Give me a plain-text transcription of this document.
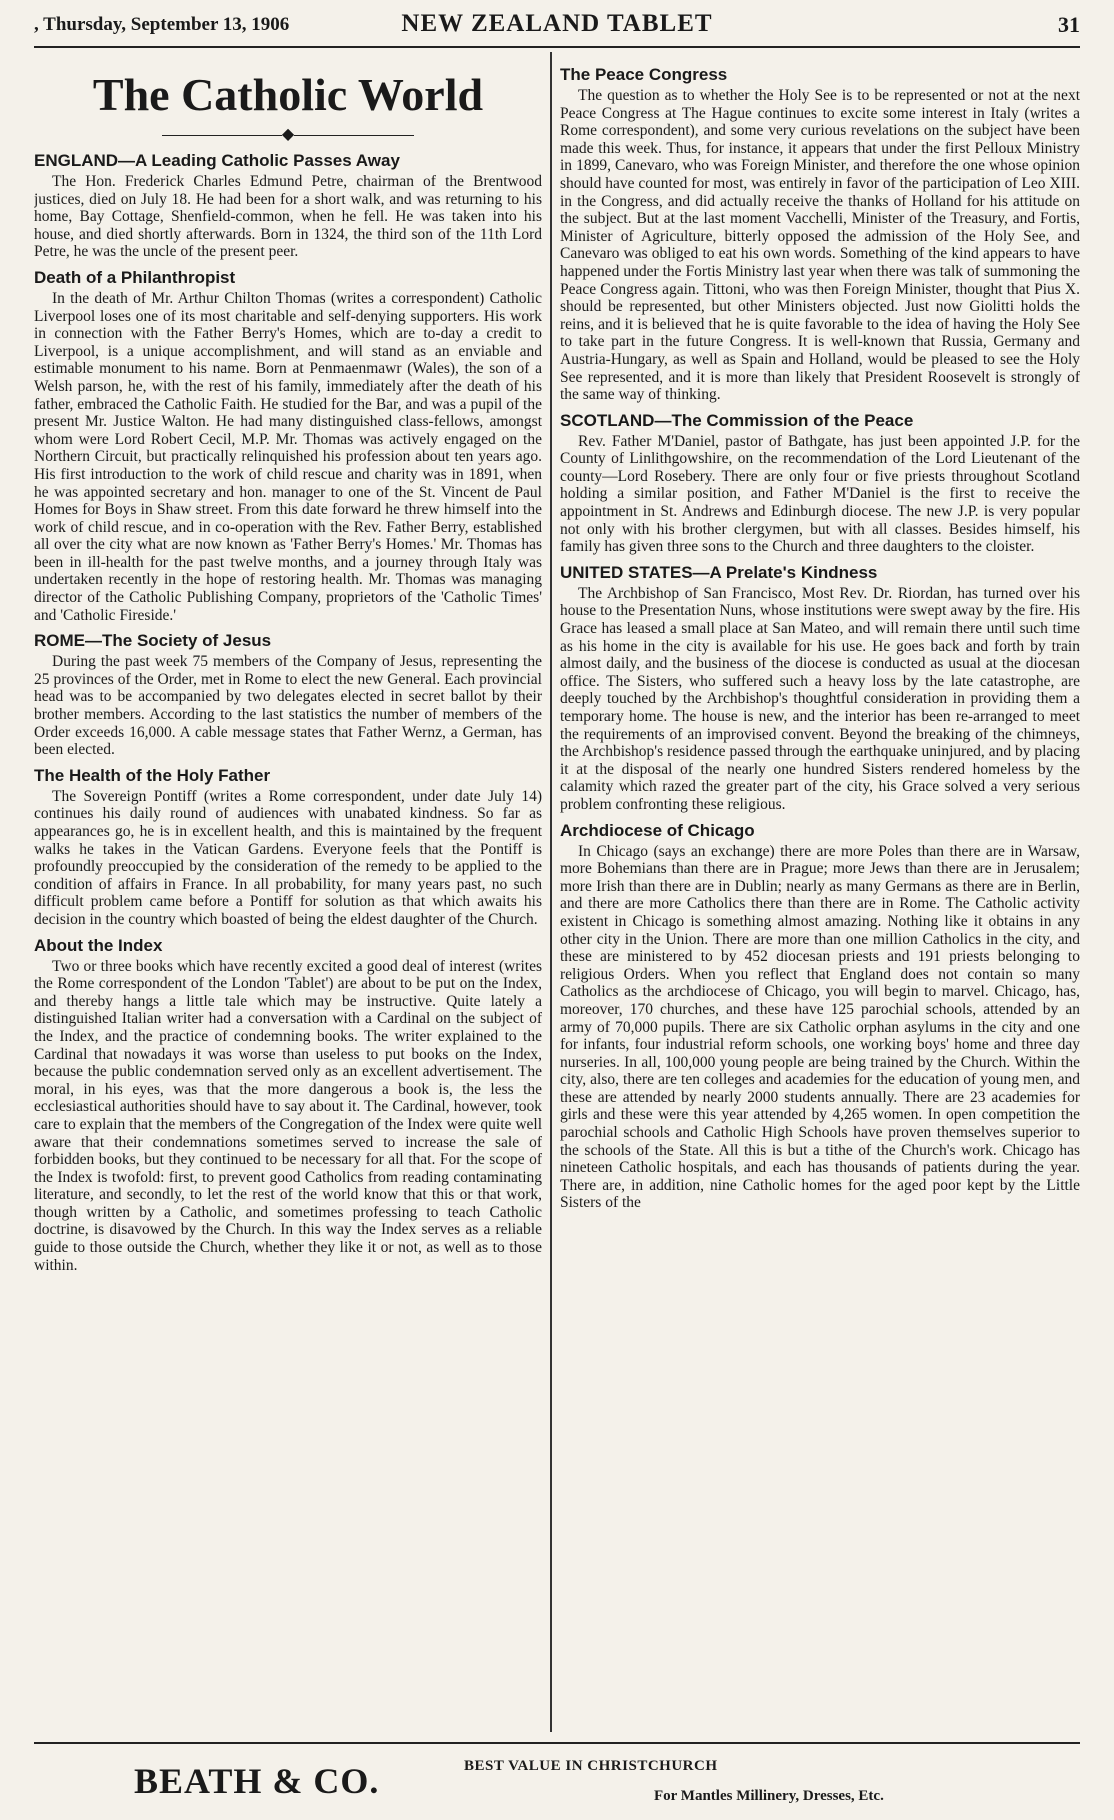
, Thursday, September 13, 1906	NEW ZEALAND TABLET	31
The Catholic World
◆
ENGLAND—A Leading Catholic Passes Away

The Hon. Frederick Charles Edmund Petre, chairman of the Brentwood justices, died on July 18. He had been for a short walk, and was returning to his home, Bay Cottage, Shenfield-common, when he fell. He was taken into his house, and died shortly afterwards. Born in 1324, the third son of the 11th Lord Petre, he was the uncle of the present peer.

Death of a Philanthropist

In the death of Mr. Arthur Chilton Thomas (writes a correspondent) Catholic Liverpool loses one of its most charitable and self-denying supporters. His work in connection with the Father Berry's Homes, which are to-day a credit to Liverpool, is a unique accomplishment, and will stand as an enviable and estimable monument to his name. Born at Penmaenmawr (Wales), the son of a Welsh parson, he, with the rest of his family, immediately after the death of his father, embraced the Catholic Faith. He studied for the Bar, and was a pupil of the present Mr. Justice Walton. He had many distinguished class-fellows, amongst whom were Lord Robert Cecil, M.P. Mr. Thomas was actively engaged on the Northern Circuit, but practically relinquished his profession about ten years ago. His first introduction to the work of child rescue and charity was in 1891, when he was appointed secretary and hon. manager to one of the St. Vincent de Paul Homes for Boys in Shaw street. From this date forward he threw himself into the work of child rescue, and in co-operation with the Rev. Father Berry, established all over the city what are now known as 'Father Berry's Homes.' Mr. Thomas has been in ill-health for the past twelve months, and a journey through Italy was undertaken recently in the hope of restoring health. Mr. Thomas was managing director of the Catholic Publishing Company, proprietors of the 'Catholic Times' and 'Catholic Fireside.'

ROME—The Society of Jesus

During the past week 75 members of the Company of Jesus, representing the 25 provinces of the Order, met in Rome to elect the new General. Each provincial head was to be accompanied by two delegates elected in secret ballot by their brother members. According to the last statistics the number of members of the Order exceeds 16,000. A cable message states that Father Wernz, a German, has been elected.

The Health of the Holy Father

The Sovereign Pontiff (writes a Rome correspondent, under date July 14) continues his daily round of audiences with unabated kindness. So far as appearances go, he is in excellent health, and this is maintained by the frequent walks he takes in the Vatican Gardens. Everyone feels that the Pontiff is profoundly preoccupied by the consideration of the remedy to be applied to the condition of affairs in France. In all probability, for many years past, no such difficult problem came before a Pontiff for solution as that which awaits his decision in the country which boasted of being the eldest daughter of the Church.

About the Index

Two or three books which have recently excited a good deal of interest (writes the Rome correspondent of the London 'Tablet') are about to be put on the Index, and thereby hangs a little tale which may be instructive. Quite lately a distinguished Italian writer had a conversation with a Cardinal on the subject of the Index, and the practice of condemning books. The writer explained to the Cardinal that nowadays it was worse than useless to put books on the Index, because the public condemnation served only as an excellent advertisement. The moral, in his eyes, was that the more dangerous a book is, the less the ecclesiastical authorities should have to say about it. The Cardinal, however, took care to explain that the members of the Congregation of the Index were quite well aware that their condemnations sometimes served to increase the sale of forbidden books, but they continued to be necessary for all that. For the scope of the Index is twofold: first, to prevent good Catholics from reading contaminating literature, and secondly, to let the rest of the world know that this or that work, though written by a Catholic, and sometimes professing to teach Catholic doctrine, is disavowed by the Church. In this way the Index serves as a reliable guide to those outside the Church, whether they like it or not, as well as to those within.

The Peace Congress

The question as to whether the Holy See is to be represented or not at the next Peace Congress at The Hague continues to excite some interest in Italy (writes a Rome correspondent), and some very curious revelations on the subject have been made this week. Thus, for instance, it appears that under the first Pelloux Ministry in 1899, Canevaro, who was Foreign Minister, and therefore the one whose opinion should have counted for most, was entirely in favor of the participation of Leo XIII. in the Congress, and did actually receive the thanks of Holland for his attitude on the subject. But at the last moment Vacchelli, Minister of the Treasury, and Fortis, Minister of Agriculture, bitterly opposed the admission of the Holy See, and Canevaro was obliged to eat his own words. Something of the kind appears to have happened under the Fortis Ministry last year when there was talk of summoning the Peace Congress again. Tittoni, who was then Foreign Minister, thought that Pius X. should be represented, but other Ministers objected. Just now Giolitti holds the reins, and it is believed that he is quite favorable to the idea of having the Holy See to take part in the future Congress. It is well-known that Russia, Germany and Austria-Hungary, as well as Spain and Holland, would be pleased to see the Holy See represented, and it is more than likely that President Roosevelt is strongly of the same way of thinking.

SCOTLAND—The Commission of the Peace

Rev. Father M'Daniel, pastor of Bathgate, has just been appointed J.P. for the County of Linlithgowshire, on the recommendation of the Lord Lieutenant of the county—Lord Rosebery. There are only four or five priests throughout Scotland holding a similar position, and Father M'Daniel is the first to receive the appointment in St. Andrews and Edinburgh diocese. The new J.P. is very popular not only with his brother clergymen, but with all classes. Besides himself, his family has given three sons to the Church and three daughters to the cloister.

UNITED STATES—A Prelate's Kindness

The Archbishop of San Francisco, Most Rev. Dr. Riordan, has turned over his house to the Presentation Nuns, whose institutions were swept away by the fire. His Grace has leased a small place at San Mateo, and will remain there until such time as his home in the city is available for his use. He goes back and forth by train almost daily, and the business of the diocese is conducted as usual at the diocesan office. The Sisters, who suffered such a heavy loss by the late catastrophe, are deeply touched by the Archbishop's thoughtful consideration in providing them a temporary home. The house is new, and the interior has been re-arranged to meet the requirements of an improvised convent. Beyond the breaking of the chimneys, the Archbishop's residence passed through the earthquake uninjured, and by placing it at the disposal of the nearly one hundred Sisters rendered homeless by the calamity which razed the greater part of the city, his Grace solved a very serious problem confronting these religious.

Archdiocese of Chicago

In Chicago (says an exchange) there are more Poles than there are in Warsaw, more Bohemians than there are in Prague; more Jews than there are in Jerusalem; more Irish than there are in Dublin; nearly as many Germans as there are in Berlin, and there are more Catholics there than there are in Rome. The Catholic activity existent in Chicago is something almost amazing. Nothing like it obtains in any other city in the Union. There are more than one million Catholics in the city, and these are ministered to by 452 diocesan priests and 191 priests belonging to religious Orders. When you reflect that England does not contain so many Catholics as the archdiocese of Chicago, you will begin to marvel. Chicago, has, moreover, 170 churches, and these have 125 parochial schools, attended by an army of 70,000 pupils. There are six Catholic orphan asylums in the city and one for infants, four industrial reform schools, one working boys' home and three day nurseries. In all, 100,000 young people are being trained by the Church. Within the city, also, there are ten colleges and academies for the education of young men, and these are attended by nearly 2000 students annually. There are 23 academies for girls and these were this year attended by 4,265 women. In open competition the parochial schools and Catholic High Schools have proven themselves superior to the schools of the State. All this is but a tithe of the Church's work. Chicago has nineteen Catholic hospitals, and each has thousands of patients during the year. There are, in addition, nine Catholic homes for the aged poor kept by the Little Sisters of the

BEATH & CO.	BEST VALUE IN CHRISTCHURCH
For Mantles Millinery, Dresses, Etc.
